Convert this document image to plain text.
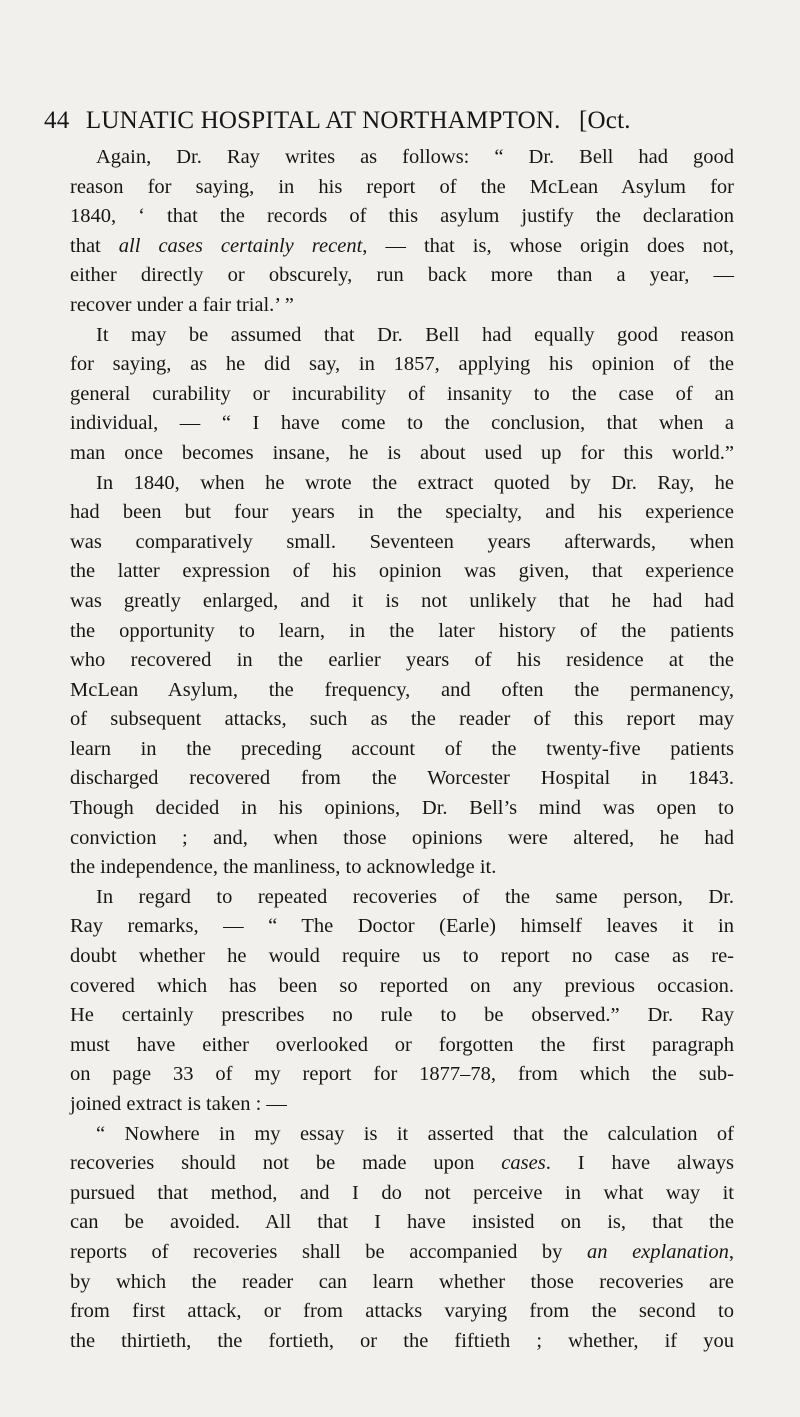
44 LUNATIC HOSPITAL AT NORTHAMPTON. [Oct.
Again, Dr. Ray writes as follows: “ Dr. Bell had good
reason for saying, in his report of the McLean Asylum for
1840, ‘ that the records of this asylum justify the declaration
that all cases certainly recent, — that is, whose origin does not,
either directly or obscurely, run back more than a year, —
recover under a fair trial.’ ”
It may be assumed that Dr. Bell had equally good reason
for saying, as he did say, in 1857, applying his opinion of the
general curability or incurability of insanity to the case of an
individual, — “ I have come to the conclusion, that when a
man once becomes insane, he is about used up for this world.”
In 1840, when he wrote the extract quoted by Dr. Ray, he
had been but four years in the specialty, and his experience
was comparatively small. Seventeen years afterwards, when
the latter expression of his opinion was given, that experience
was greatly enlarged, and it is not unlikely that he had had
the opportunity to learn, in the later history of the patients
who recovered in the earlier years of his residence at the
McLean Asylum, the frequency, and often the permanency,
of subsequent attacks, such as the reader of this report may
learn in the preceding account of the twenty-five patients
discharged recovered from the Worcester Hospital in 1843.
Though decided in his opinions, Dr. Bell’s mind was open to
conviction ; and, when those opinions were altered, he had
the independence, the manliness, to acknowledge it.
In regard to repeated recoveries of the same person, Dr.
Ray remarks, — “ The Doctor (Earle) himself leaves it in
doubt whether he would require us to report no case as re-
covered which has been so reported on any previous occasion.
He certainly prescribes no rule to be observed.” Dr. Ray
must have either overlooked or forgotten the first paragraph
on page 33 of my report for 1877–78, from which the sub-
joined extract is taken : —
“ Nowhere in my essay is it asserted that the calculation of
recoveries should not be made upon cases. I have always
pursued that method, and I do not perceive in what way it
can be avoided. All that I have insisted on is, that the
reports of recoveries shall be accompanied by an explanation,
by which the reader can learn whether those recoveries are
from first attack, or from attacks varying from the second to
the thirtieth, the fortieth, or the fiftieth ; whether, if you
